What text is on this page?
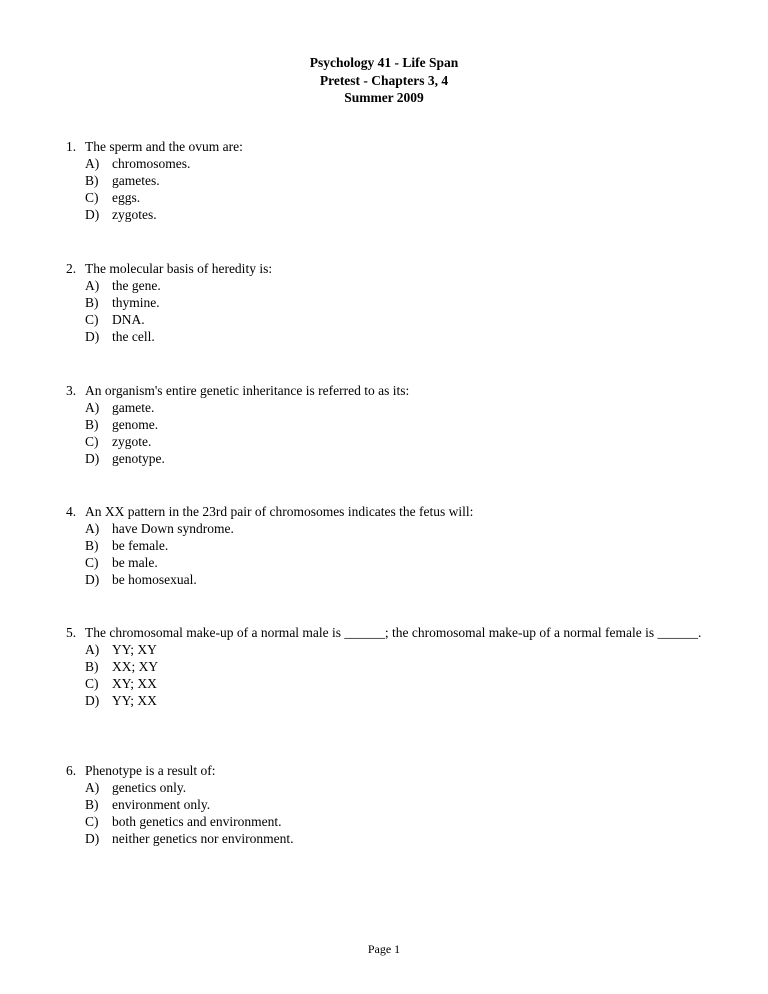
Psychology 41 - Life Span
Pretest - Chapters 3, 4
Summer 2009
1. The sperm and the ovum are:
A) chromosomes.
B) gametes.
C) eggs.
D) zygotes.
2. The molecular basis of heredity is:
A) the gene.
B) thymine.
C) DNA.
D) the cell.
3. An organism's entire genetic inheritance is referred to as its:
A) gamete.
B) genome.
C) zygote.
D) genotype.
4. An XX pattern in the 23rd pair of chromosomes indicates the fetus will:
A) have Down syndrome.
B) be female.
C) be male.
D) be homosexual.
5. The chromosomal make-up of a normal male is ______; the chromosomal make-up of a normal female is ______.
A) YY; XY
B) XX; XY
C) XY; XX
D) YY; XX
6. Phenotype is a result of:
A) genetics only.
B) environment only.
C) both genetics and environment.
D) neither genetics nor environment.
Page 1
